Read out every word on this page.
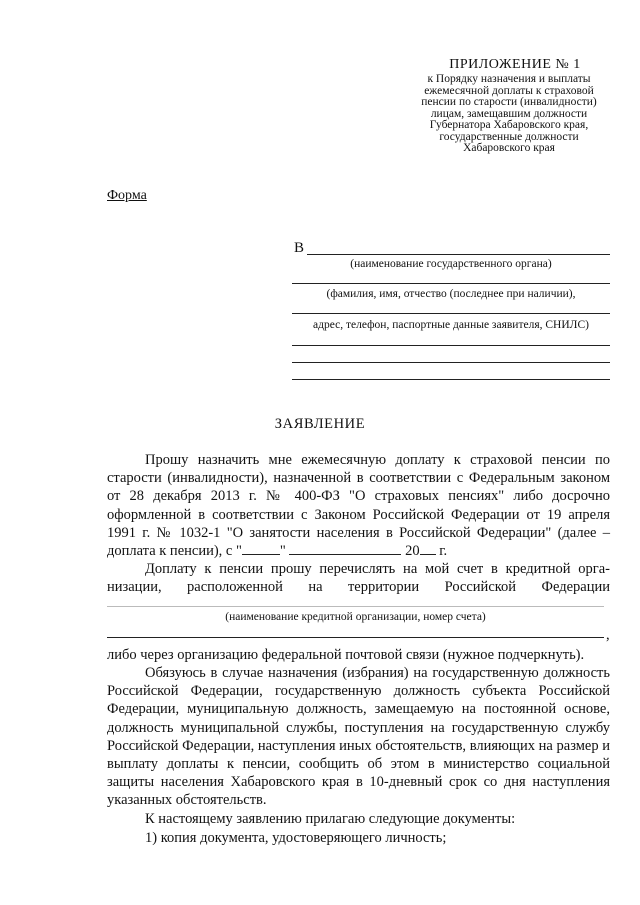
ПРИЛОЖЕНИЕ № 1
к Порядку назначения и выплаты
ежемесячной доплаты к страховой
пенсии по старости (инвалидности)
лицам, замещавшим должности
Губернатора Хабаровского края,
государственные должности
Хабаровского края
Форма
В
(наименование государственного органа)
(фамилия, имя, отчество (последнее при наличии),
адрес, телефон, паспортные данные заявителя, СНИЛС)
ЗАЯВЛЕНИЕ

Прошу назначить мне ежемесячную доплату к страховой пенсии по старости (инвалидности), назначенной в соответствии с Федеральным законом от 28 декабря 2013 г. № 400-ФЗ "О страховых пенсиях" либо досрочно оформленной в соответствии с Законом Российской Федерации от 19 апреля 1991 г. № 1032-1 "О занятости населения в Российской Федерации" (далее – доплата к пенсии), с "	"	20 г.

Доплату к пенсии прошу перечислять на мой счет в кредитной организации, расположенной на территории Российской Федерации

(наименование кредитной организации, номер счета)
,

либо через организацию федеральной почтовой связи (нужное подчеркнуть).

Обязуюсь в случае назначения (избрания) на государственную должность Российской Федерации, государственную должность субъекта Российской Федерации, муниципальную должность, замещаемую на постоянной основе, должность муниципальной службы, поступления на государственную службу Российской Федерации, наступления иных обстоятельств, влияющих на размер и выплату доплаты к пенсии, сообщить об этом в министерство социальной защиты населения Хабаровского края в 10-дневный срок со дня наступления указанных обстоятельств.

К настоящему заявлению прилагаю следующие документы:

1) копия документа, удостоверяющего личность;
